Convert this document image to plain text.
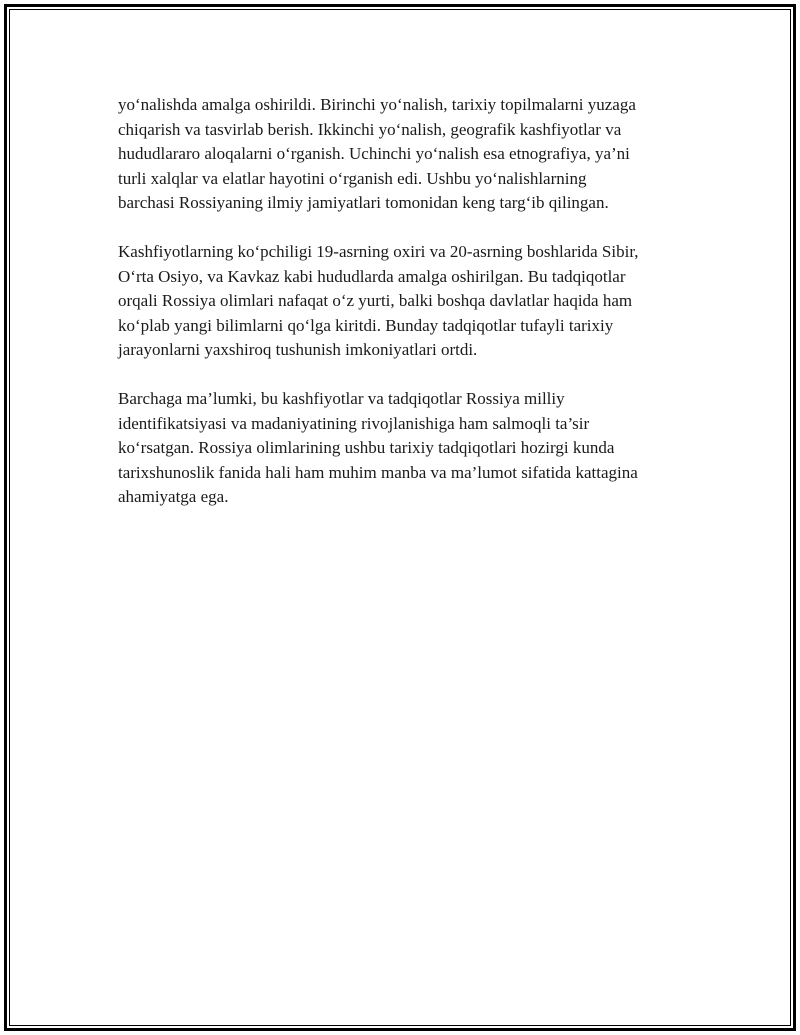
yo‘nalishda amalga oshirildi. Birinchi yo‘nalish, tarixiy topilmalarni yuzaga
chiqarish va tasvirlab berish. Ikkinchi yo‘nalish, geografik kashfiyotlar va
hududlararo aloqalarni o‘rganish. Uchinchi yo‘nalish esa etnografiya, ya’ni
turli xalqlar va elatlar hayotini o‘rganish edi. Ushbu yo‘nalishlarning
barchasi Rossiyaning ilmiy jamiyatlari tomonidan keng targ‘ib qilingan.

Kashfiyotlarning ko‘pchiligi 19-asrning oxiri va 20-asrning boshlarida Sibir,
O‘rta Osiyo, va Kavkaz kabi hududlarda amalga oshirilgan. Bu tadqiqotlar
orqali Rossiya olimlari nafaqat o‘z yurti, balki boshqa davlatlar haqida ham
ko‘plab yangi bilimlarni qo‘lga kiritdi. Bunday tadqiqotlar tufayli tarixiy
jarayonlarni yaxshiroq tushunish imkoniyatlari ortdi.

Barchaga ma’lumki, bu kashfiyotlar va tadqiqotlar Rossiya milliy
identifikatsiyasi va madaniyatining rivojlanishiga ham salmoqli ta’sir
ko‘rsatgan. Rossiya olimlarining ushbu tarixiy tadqiqotlari hozirgi kunda
tarixshunoslik fanida hali ham muhim manba va ma’lumot sifatida kattagina
ahamiyatga ega.
